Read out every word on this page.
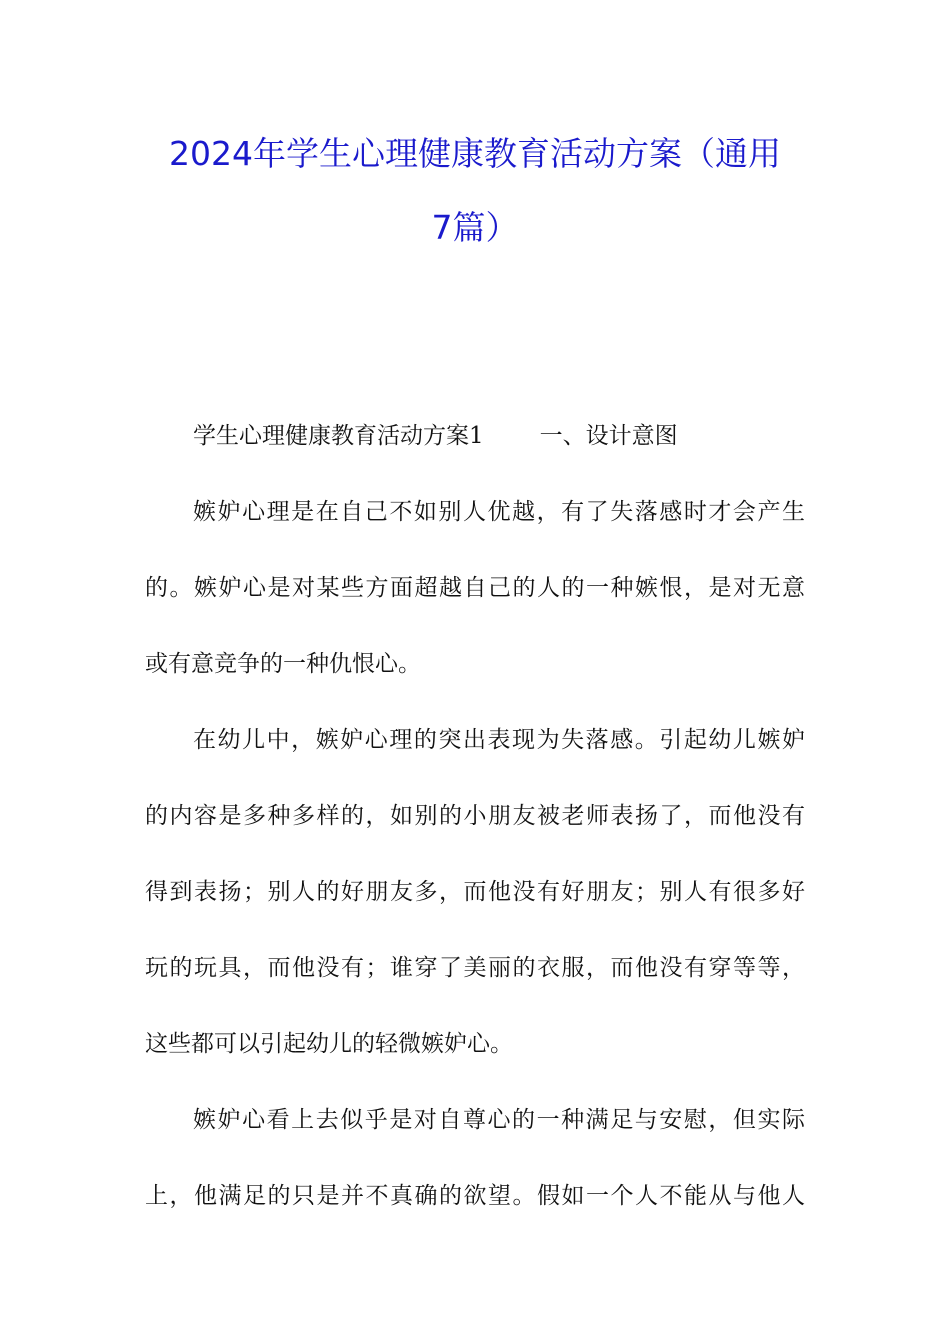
2024年学生心理健康教育活动方案（通用
7篇）
学生心理健康教育活动方案1 一、设计意图
嫉妒心理是在自己不如别人优越，有了失落感时才会产生
的。嫉妒心是对某些方面超越自己的人的一种嫉恨，是对无意
或有意竞争的一种仇恨心。
在幼儿中，嫉妒心理的突出表现为失落感。引起幼儿嫉妒
的内容是多种多样的，如别的小朋友被老师表扬了，而他没有
得到表扬；别人的好朋友多，而他没有好朋友；别人有很多好
玩的玩具，而他没有；谁穿了美丽的衣服，而他没有穿等等，
这些都可以引起幼儿的轻微嫉妒心。
嫉妒心看上去似乎是对自尊心的一种满足与安慰，但实际
上，他满足的只是并不真确的欲望。假如一个人不能从与他人
